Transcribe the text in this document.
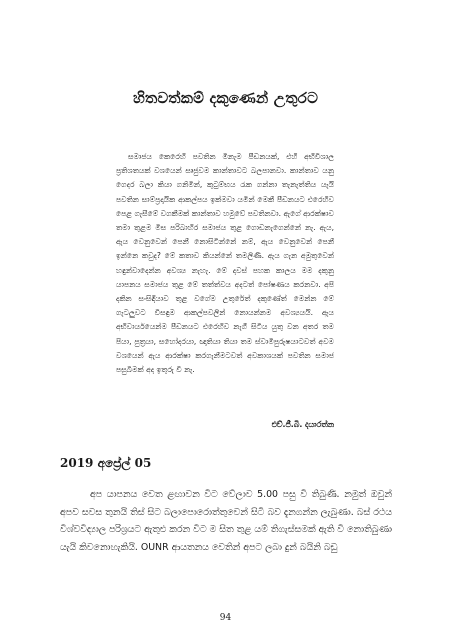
හිතවත්කම් දකුණෙන් උතුරට

සමාජය කෙරෙහි පවතින මිනැම පීඩනයක්, එහි අභිවිශාල ප්‍රතිශතයක් වශයෙන් සෘජුවම කාන්තාවට බලපානවා. කාන්තාව යනු ගෙදර බලා කියා ගනිමින්, කුටුම්භය රැක ගන්නා තැනැත්තිය යැයි පවතින සාම්ප්‍රදායික ආකල්පය ඉක්මවා යමින් මෙකී පීඩනයට එරෙහිව පෙළ ගැසීමේ වගකීමක් කාන්තාව හමුවේ පවතිනවා. ඇගේ ආරක්ෂාව තමා තුළම මිස පරිබාහිර සමාජය තුළ ගොඩනැගෙන්නේ නැ. ඇය, ඇය වෙනුවෙන් පෙනී නොසිටින්නේ නම්, ඇය වෙනුවෙන් පෙනී ඉන්නෙ කවුද? මේ කතාව කියන්නේ තමලිණි. ඇය ගැන අමුතුවෙන් හඳුන්වාදෙන්න අවශ්‍ය නැහැ. මේ දවස් පහක කාලය මම දකුනු යාපනය සමාජය තුළ මේ තත්ත්වය අදටත් පෝෂණය කරනවා. අපි දකින සංසිඳියාව තුළ වගේම උතුරේත් දකුණේත් මෙන්න මේ ගැටලුවට විසඳුම ආකල්පවලින් නොයන්නම අවශ්‍යයයි. ඇය අභිවාර්යයෙන්ම පීඩනයට එරෙහිව නැගී සිටිය යුතු වන අතර තම පියා, පුත්‍රයා, සහෝදරයා, ඥාතියා තියා තම ස්වාමිපුරුෂයාටවත් අවම වශයෙන් ඇය ආරක්ෂා කරගැනීමටවත් අවකාශයක් පවතින සමාජ පසුබිමක් අද ඉතුරු වී නැ.

එච්.ජී.බී. දයාරත්න
2019 අප්‍රේල් 05

අප යාපනය වෙත ළඟාවන විට වේලාව 5.00 පසු වී තිබුණි. නමුත් ඔවුන් අපව සවස තුනයි තිස් සිට බලාපොරොත්තුවෙන් සිටි බව දැනගන්න ලැබුණා. බස් රථය විශ්වවිද්‍යාල පරිශ්‍රයට ඇතුළු කරන විට ම සිත තුළ යම් තිගැස්සමක් ඇති වී නොතිබුණා යැයි කිවනොහැකියි. OUNR ආයතනය වෙතින් අපට ලබා දුන් බයිනි බඩු

94
